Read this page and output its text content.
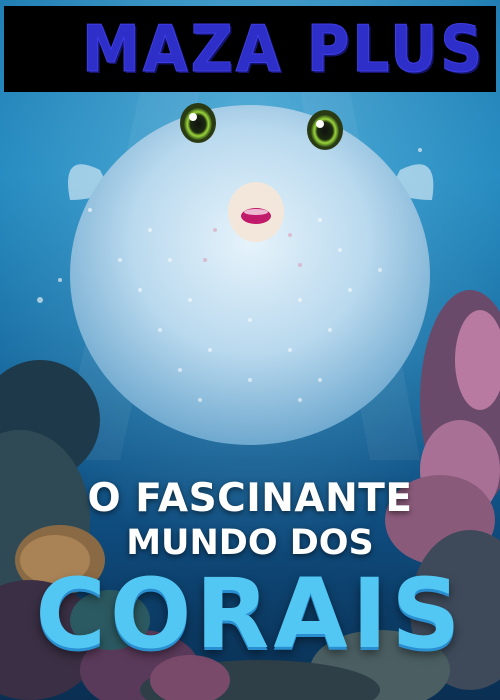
MAZA PLUS
O FASCINANTE
MUNDO DOS
CORAIS
